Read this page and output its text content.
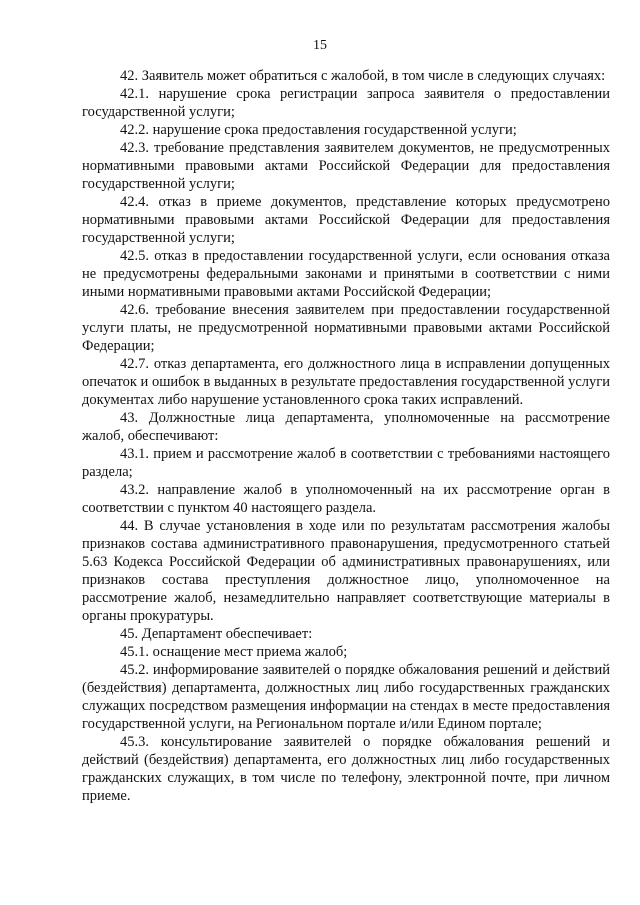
15

42. Заявитель может обратиться с жалобой, в том числе в следующих случаях:

42.1. нарушение срока регистрации запроса заявителя о предоставлении государственной услуги;

42.2. нарушение срока предоставления государственной услуги;

42.3. требование представления заявителем документов, не предусмотренных нормативными правовыми актами Российской Федерации для предоставления государственной услуги;

42.4. отказ в приеме документов, представление которых предусмотрено нормативными правовыми актами Российской Федерации для предоставления государственной услуги;

42.5. отказ в предоставлении государственной услуги, если основания отказа не предусмотрены федеральными законами и принятыми в соответствии с ними иными нормативными правовыми актами Российской Федерации;

42.6. требование внесения заявителем при предоставлении государственной услуги платы, не предусмотренной нормативными правовыми актами Российской Федерации;

42.7. отказ департамента, его должностного лица в исправлении допущенных опечаток и ошибок в выданных в результате предоставления государственной услуги документах либо нарушение установленного срока таких исправлений.

43. Должностные лица департамента, уполномоченные на рассмотрение жалоб, обеспечивают:

43.1. прием и рассмотрение жалоб в соответствии с требованиями настоящего раздела;

43.2. направление жалоб в уполномоченный на их рассмотрение орган в соответствии с пунктом 40 настоящего раздела.

44. В случае установления в ходе или по результатам рассмотрения жалобы признаков состава административного правонарушения, предусмотренного статьей 5.63 Кодекса Российской Федерации об административных правонарушениях, или признаков состава преступления должностное лицо, уполномоченное на рассмотрение жалоб, незамедлительно направляет соответствующие материалы в органы прокуратуры.

45. Департамент обеспечивает:

45.1. оснащение мест приема жалоб;

45.2. информирование заявителей о порядке обжалования решений и действий (бездействия) департамента, должностных лиц либо государственных гражданских служащих посредством размещения информации на стендах в месте предоставления государственной услуги, на Региональном портале и/или Едином портале;

45.3. консультирование заявителей о порядке обжалования решений и действий (бездействия) департамента, его должностных лиц либо государственных гражданских служащих, в том числе по телефону, электронной почте, при личном приеме.
